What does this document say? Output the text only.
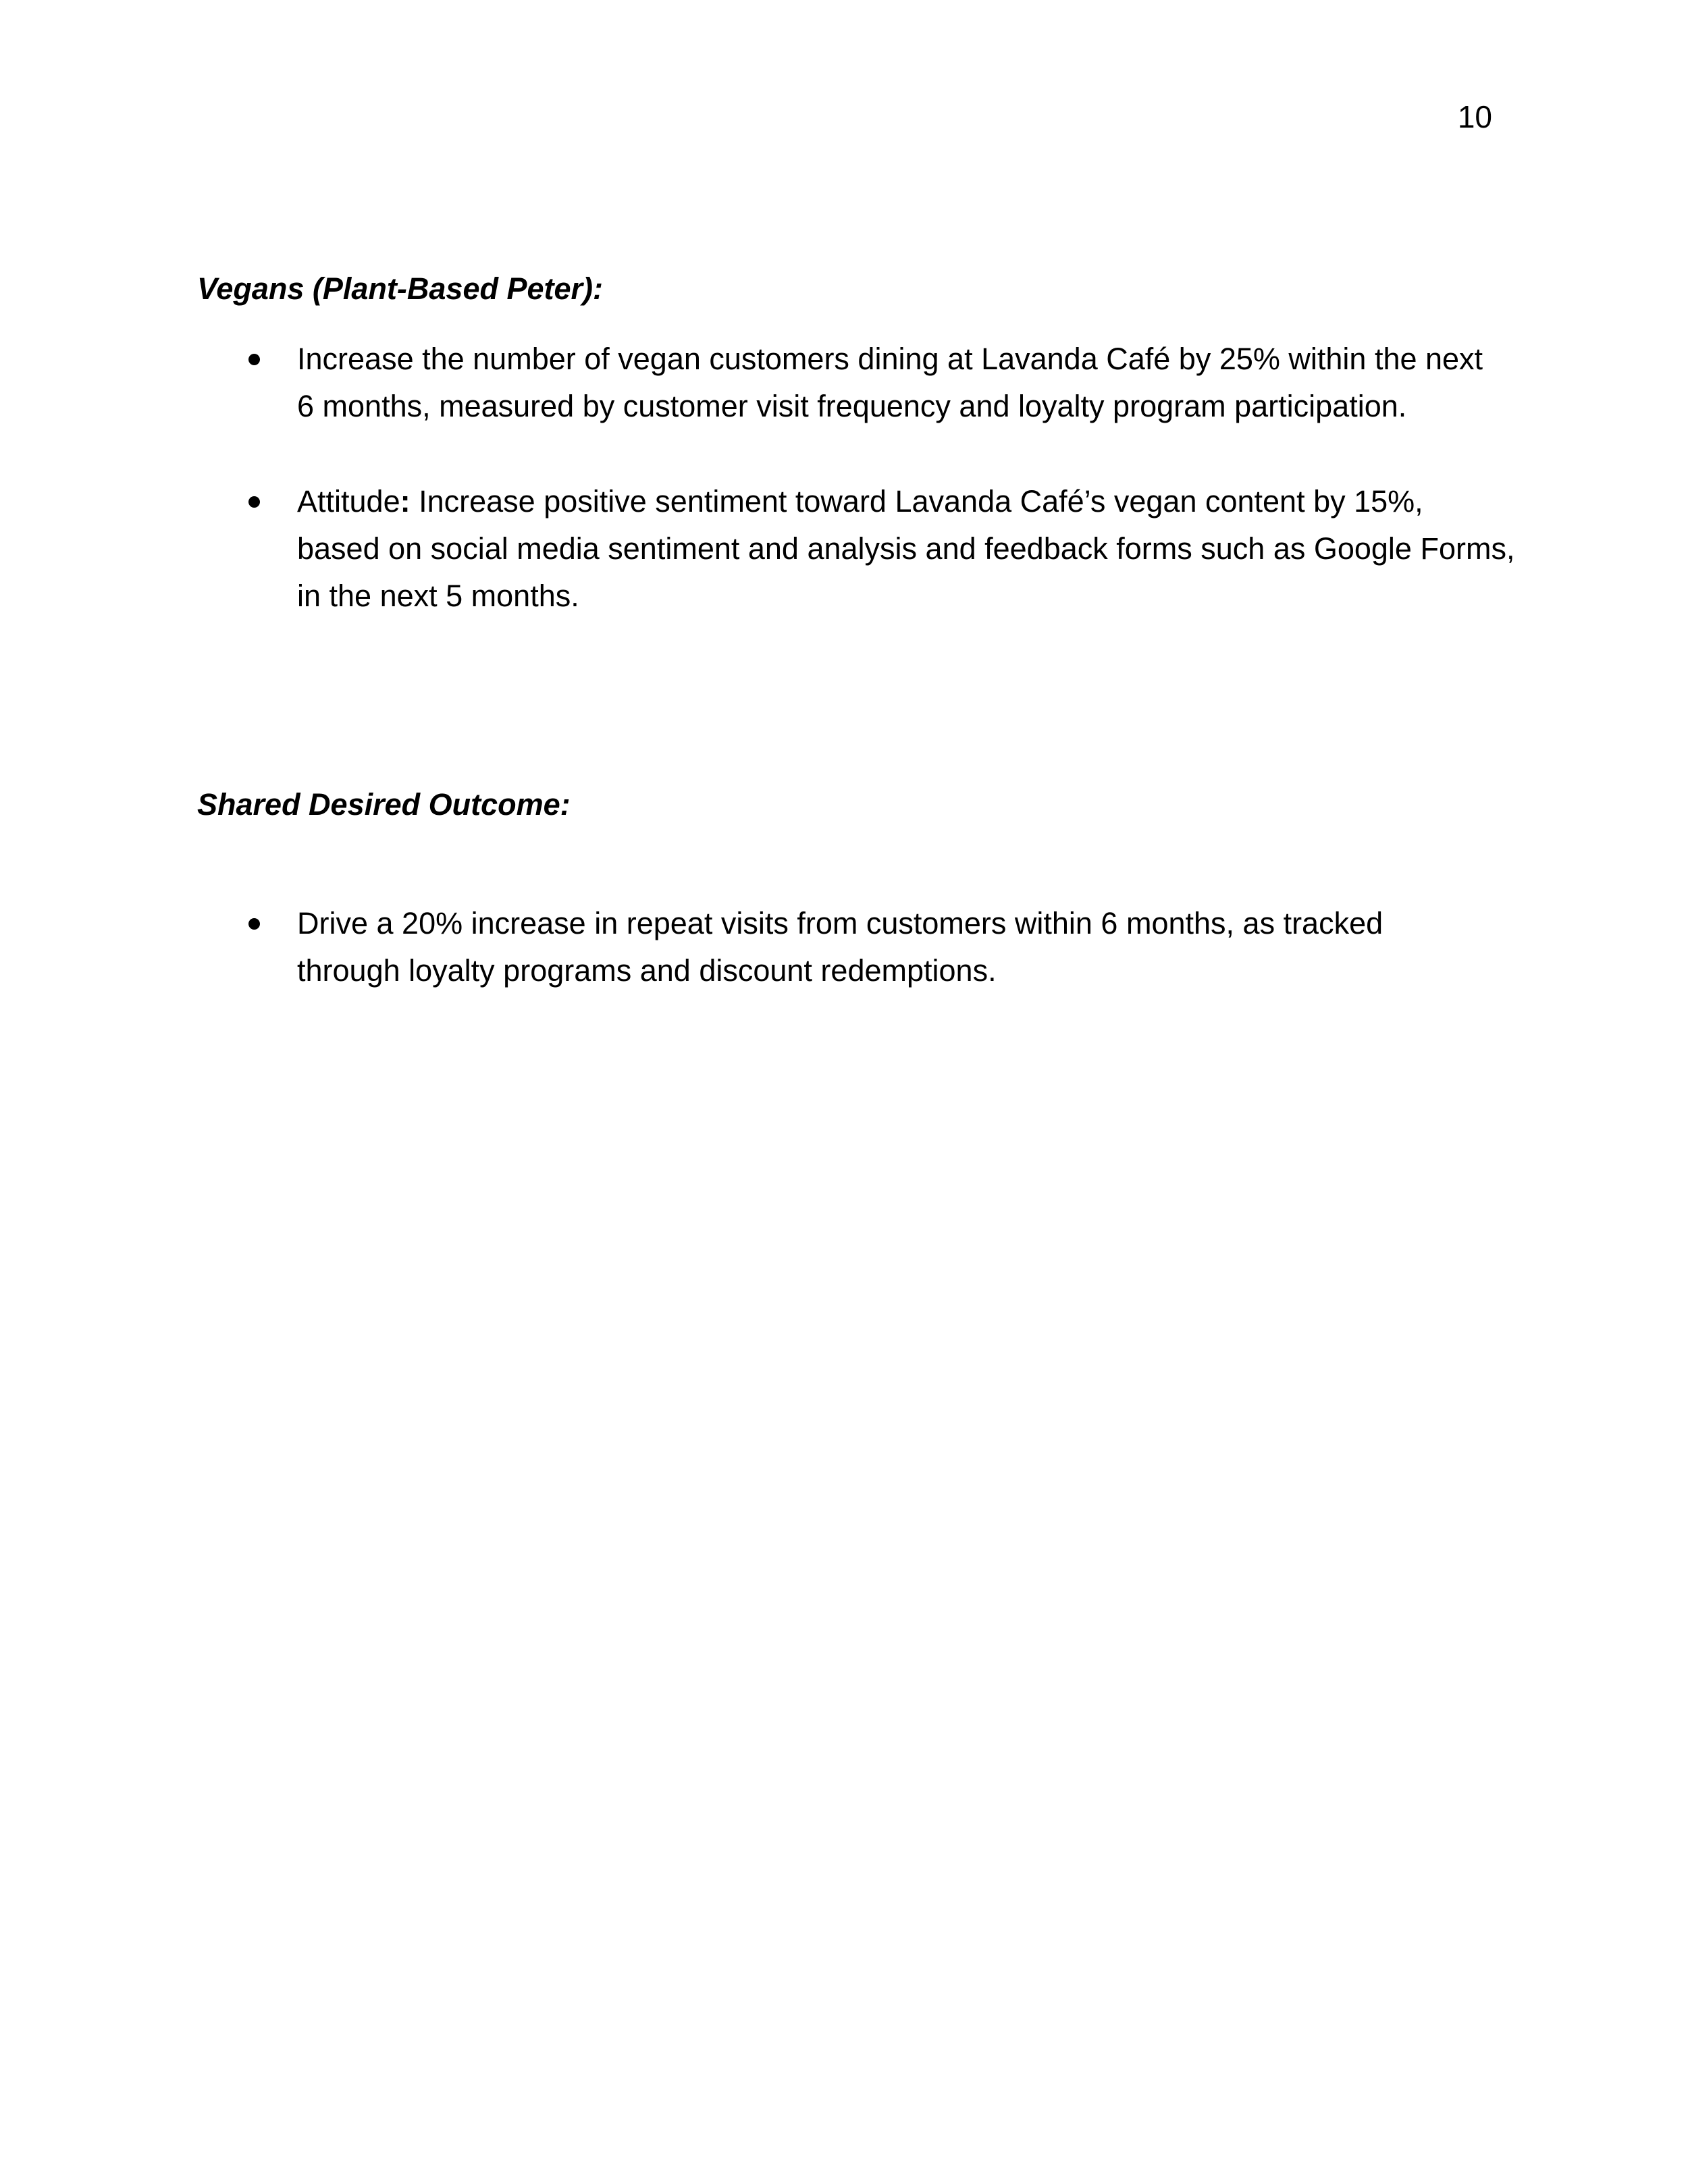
10
Vegans (Plant-Based Peter):
Increase the number of vegan customers dining at Lavanda Café by 25% within the next
6 months, measured by customer visit frequency and loyalty program participation.
Attitude: Increase positive sentiment toward Lavanda Café’s vegan content by 15%,
based on social media sentiment and analysis and feedback forms such as Google Forms,
in the next 5 months.
Shared Desired Outcome:
Drive a 20% increase in repeat visits from customers within 6 months, as tracked
through loyalty programs and discount redemptions.
